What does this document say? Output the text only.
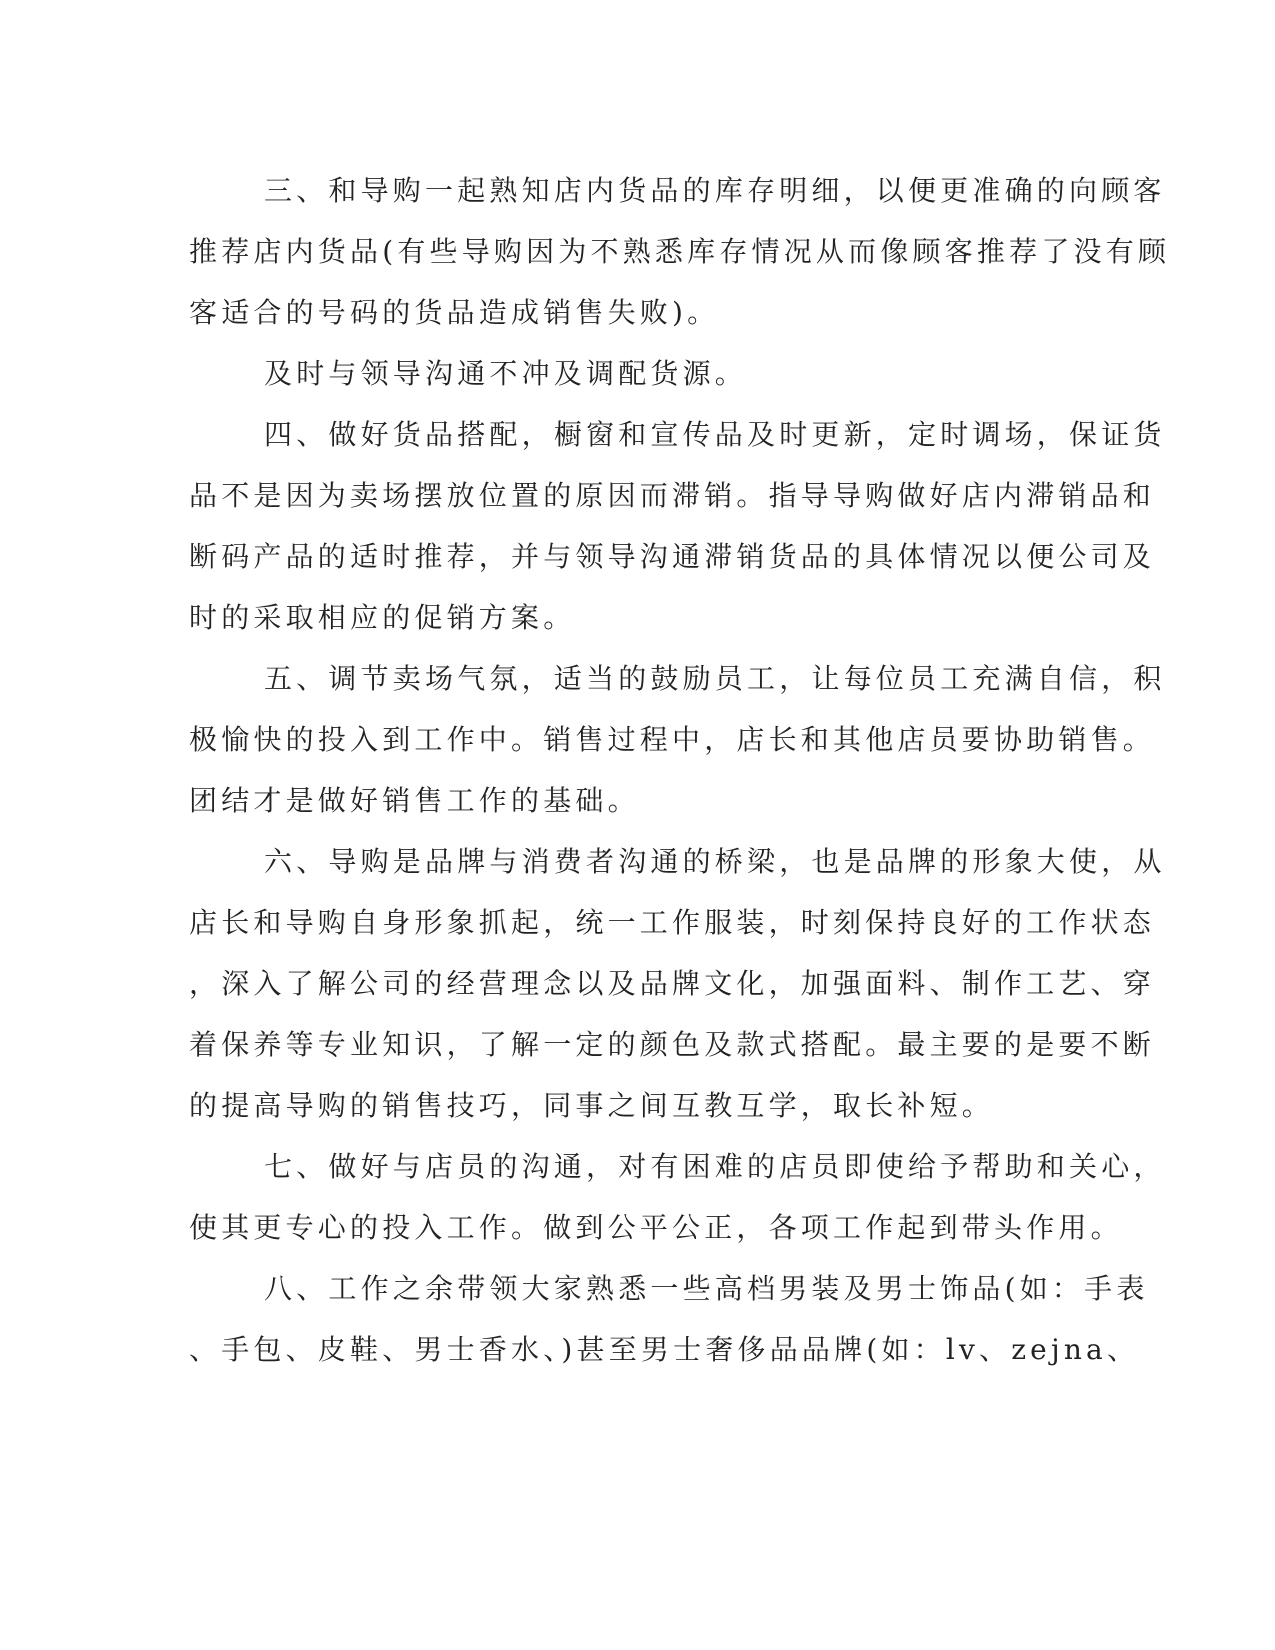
三、和导购一起熟知店内货品的库存明细，以便更准确的向顾客
推荐店内货品(有些导购因为不熟悉库存情况从而像顾客推荐了没有顾
客适合的号码的货品造成销售失败)。
及时与领导沟通不冲及调配货源。
四、做好货品搭配，橱窗和宣传品及时更新，定时调场，保证货
品不是因为卖场摆放位置的原因而滞销。指导导购做好店内滞销品和
断码产品的适时推荐，并与领导沟通滞销货品的具体情况以便公司及
时的采取相应的促销方案。
五、调节卖场气氛，适当的鼓励员工，让每位员工充满自信，积
极愉快的投入到工作中。销售过程中，店长和其他店员要协助销售。
团结才是做好销售工作的基础。
六、导购是品牌与消费者沟通的桥梁，也是品牌的形象大使，从
店长和导购自身形象抓起，统一工作服装，时刻保持良好的工作状态
，深入了解公司的经营理念以及品牌文化，加强面料、制作工艺、穿
着保养等专业知识，了解一定的颜色及款式搭配。最主要的是要不断
的提高导购的销售技巧，同事之间互教互学，取长补短。
七、做好与店员的沟通，对有困难的店员即使给予帮助和关心，
使其更专心的投入工作。做到公平公正，各项工作起到带头作用。
八、工作之余带领大家熟悉一些高档男装及男士饰品(如：手表
、手包、皮鞋、男士香水、)甚至男士奢侈品品牌(如：lv、zejna、
